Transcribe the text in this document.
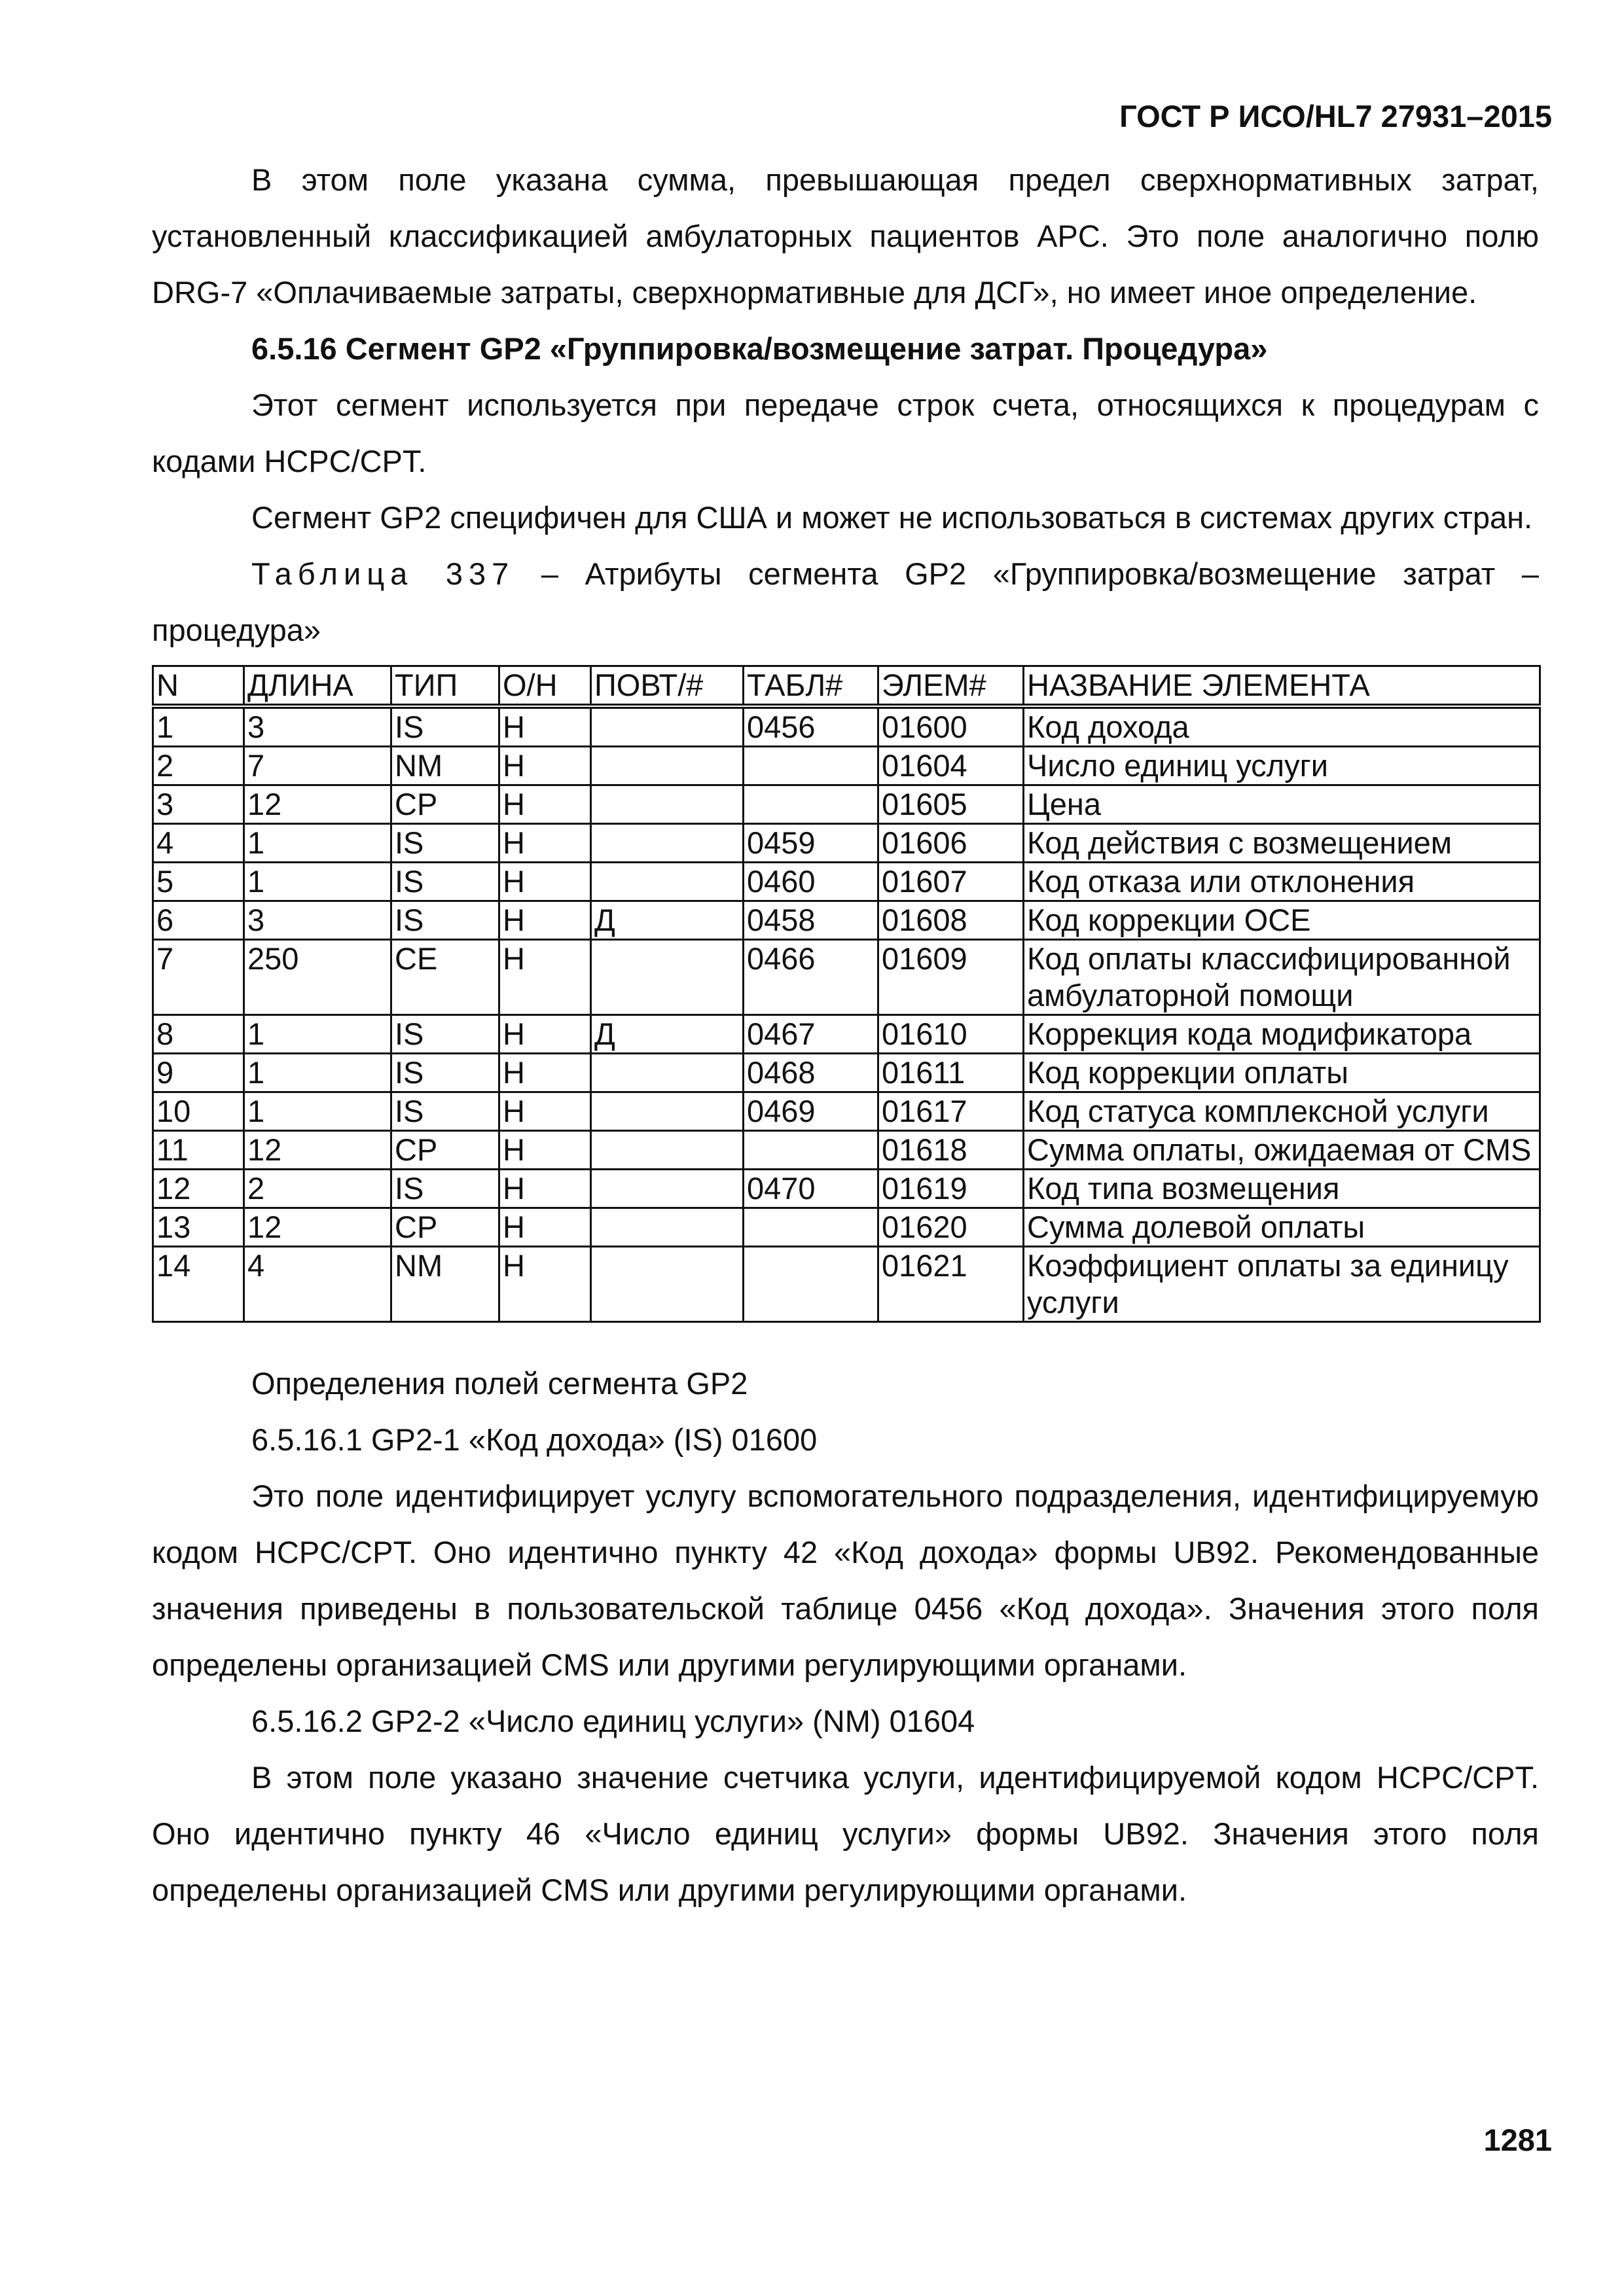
ГОСТ Р ИСО/HL7 27931–2015

В этом поле указана сумма, превышающая предел сверхнормативных затрат, установленный классификацией амбулаторных пациентов APC. Это поле аналогично полю DRG-7 «Оплачиваемые затраты, сверхнормативные для ДСГ», но имеет иное определение.

6.5.16 Сегмент GP2 «Группировка/возмещение затрат. Процедура»

Этот сегмент используется при передаче строк счета, относящихся к процедурам с кодами HCPC/CPT.

Сегмент GP2 специфичен для США и может не использоваться в системах других стран.

Таблица 337 – Атрибуты сегмента GP2 «Группировка/возмещение затрат – процедура»

N	ДЛИНА	ТИП	О/Н	ПОВТ/#	ТАБЛ#	ЭЛЕМ#	НАЗВАНИЕ ЭЛЕМЕНТА
1	3	IS	Н		0456	01600	Код дохода
2	7	NM	Н			01604	Число единиц услуги
3	12	CP	Н			01605	Цена
4	1	IS	Н		0459	01606	Код действия с возмещением
5	1	IS	Н		0460	01607	Код отказа или отклонения
6	3	IS	Н	Д	0458	01608	Код коррекции OCE
7	250	CE	Н		0466	01609	Код оплаты классифицированной амбулаторной помощи
8	1	IS	Н	Д	0467	01610	Коррекция кода модификатора
9	1	IS	Н		0468	01611	Код коррекции оплаты
10	1	IS	Н		0469	01617	Код статуса комплексной услуги
11	12	CP	Н			01618	Сумма оплаты, ожидаемая от CMS
12	2	IS	Н		0470	01619	Код типа возмещения
13	12	CP	Н			01620	Сумма долевой оплаты
14	4	NM	Н			01621	Коэффициент оплаты за единицу услуги

Определения полей сегмента GP2

6.5.16.1 GP2-1 «Код дохода» (IS) 01600

Это поле идентифицирует услугу вспомогательного подразделения, идентифицируемую кодом HCPC/CPT. Оно идентично пункту 42 «Код дохода» формы UB92. Рекомендованные значения приведены в пользовательской таблице 0456 «Код дохода». Значения этого поля определены организацией CMS или другими регулирующими органами.

6.5.16.2 GP2-2 «Число единиц услуги» (NM) 01604

В этом поле указано значение счетчика услуги, идентифицируемой кодом HCPC/CPT. Оно идентично пункту 46 «Число единиц услуги» формы UB92. Значения этого поля определены организацией CMS или другими регулирующими органами.

1281
